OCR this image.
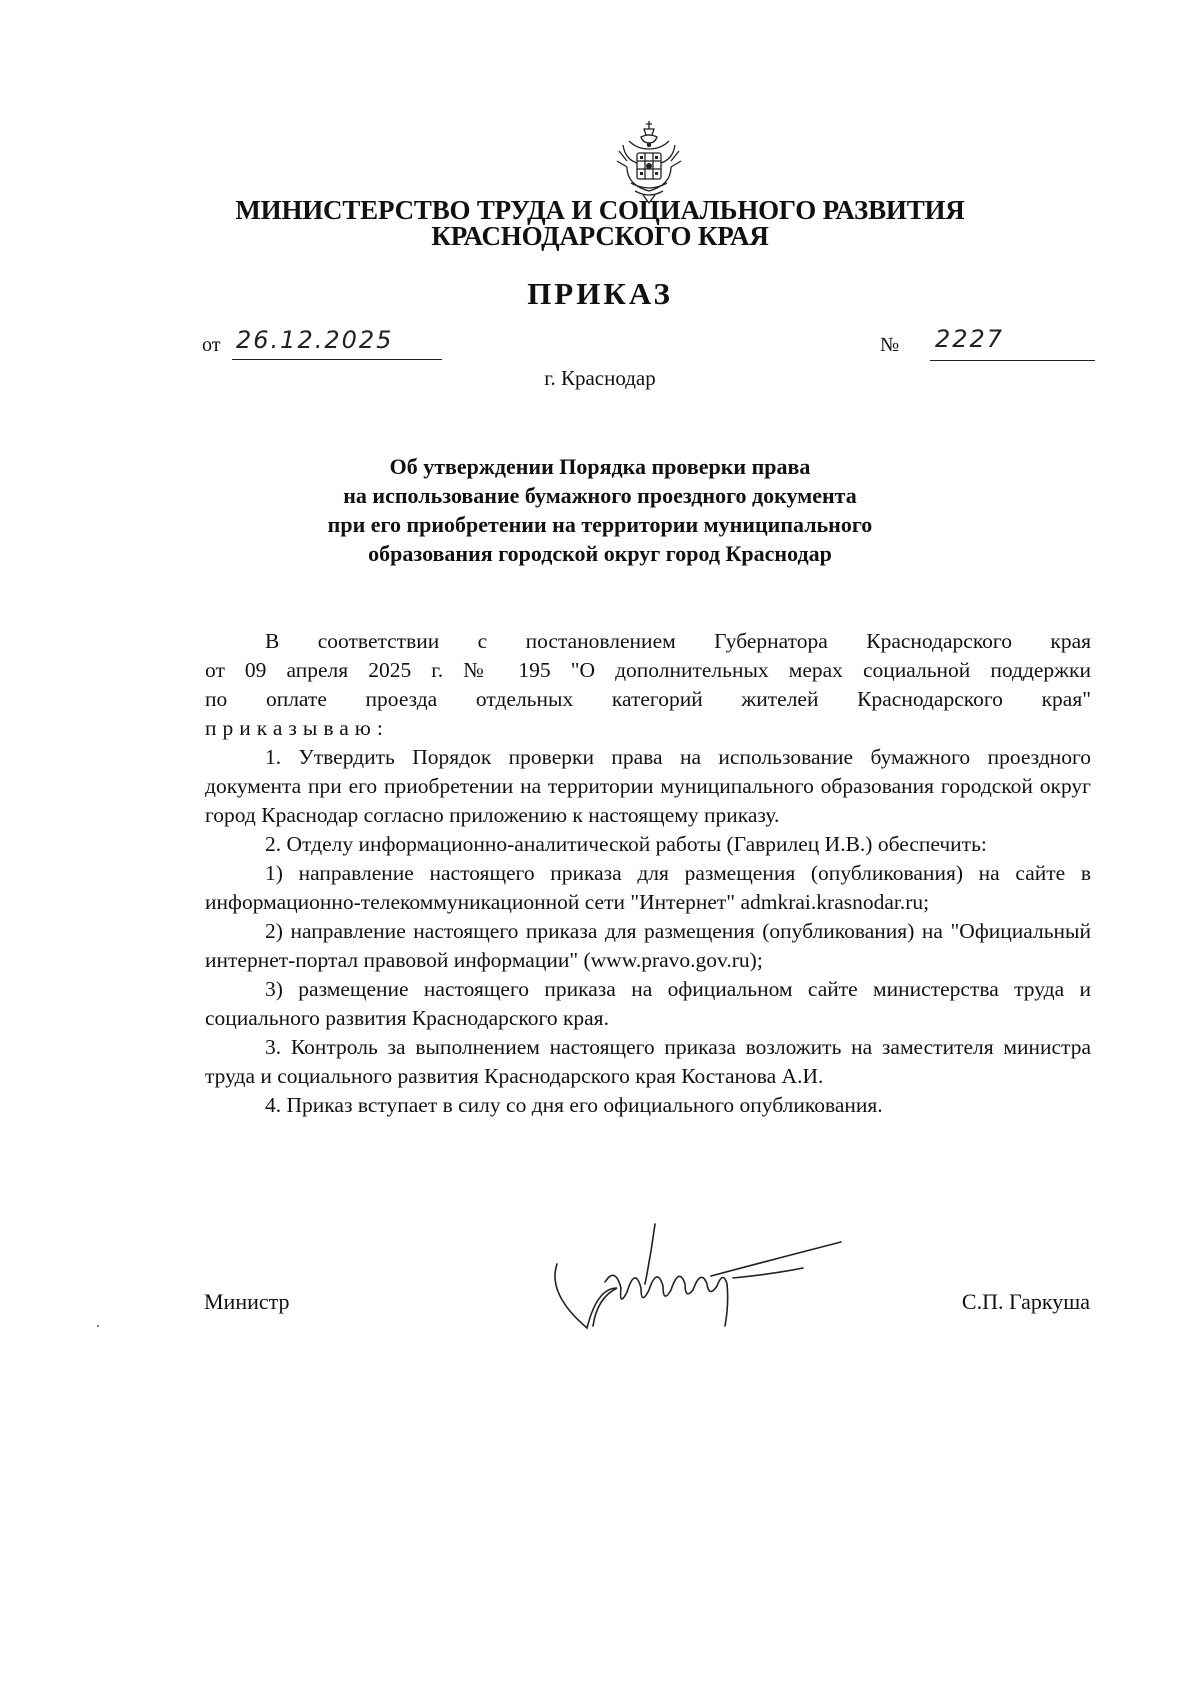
МИНИСТЕРСТВО ТРУДА И СОЦИАЛЬНОГО РАЗВИТИЯ
КРАСНОДАРСКОГО КРАЯ
ПРИКАЗ
от 26.12.2025	№ 2227
г. Краснодар
Об утверждении Порядка проверки права
на использование бумажного проездного документа
при его приобретении на территории муниципального
образования городской округ город Краснодар

В соответствии с постановлением Губернатора Краснодарского края

от 09 апреля 2025 г. № 195 "О дополнительных мерах социальной поддержки

по оплате проезда отдельных категорий жителей Краснодарского края"

приказываю:

1. Утвердить Порядок проверки права на использование бумажного проездного документа при его приобретении на территории муниципального образования городской округ город Краснодар согласно приложению к настоящему приказу.

2. Отделу информационно-аналитической работы (Гаврилец И.В.) обеспечить:

1) направление настоящего приказа для размещения (опубликования) на сайте в информационно-телекоммуникационной сети "Интернет" admkrai.krasnodar.ru;

2) направление настоящего приказа для размещения (опубликования) на "Официальный интернет-портал правовой информации" (www.pravo.gov.ru);

3) размещение настоящего приказа на официальном сайте министерства труда и социального развития Краснодарского края.

3. Контроль за выполнением настоящего приказа возложить на заместителя министра труда и социального развития Краснодарского края Костанова А.И.

4. Приказ вступает в силу со дня его официального опубликования.

Министр	С.П. Гаркуша
